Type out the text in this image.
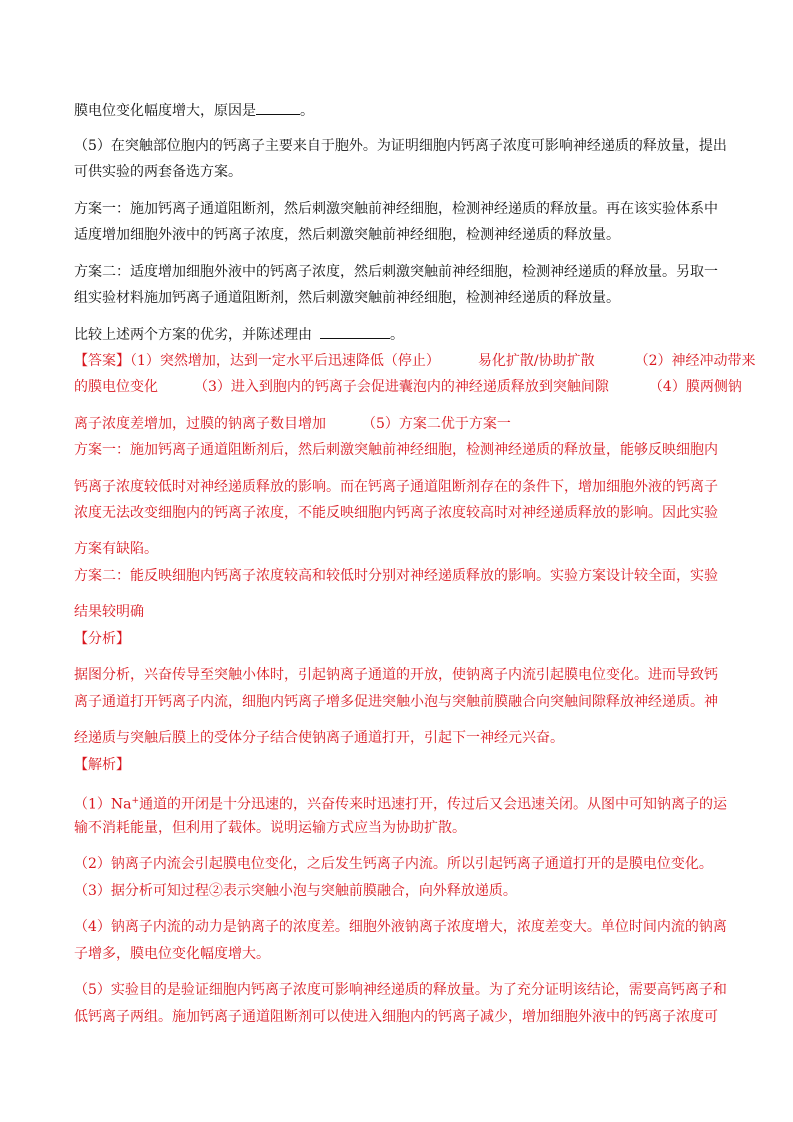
膜电位变化幅度增大，原因是	。
（5）在突触部位胞内的钙离子主要来自于胞外。为证明细胞内钙离子浓度可影响神经递质的释放量，提出
可供实验的两套备选方案。
方案一：施加钙离子通道阻断剂，然后刺激突触前神经细胞，检测神经递质的释放量。再在该实验体系中
适度增加细胞外液中的钙离子浓度，然后刺激突触前神经细胞，检测神经递质的释放量。
方案二：适度增加细胞外液中的钙离子浓度，然后刺激突触前神经细胞，检测神经递质的释放量。另取一
组实验材料施加钙离子通道阻断剂，然后刺激突触前神经细胞，检测神经递质的释放量。
比较上述两个方案的优劣，并陈述理由	。
【答案】（1）突然增加，达到一定水平后迅速降低（停止）	易化扩散/协助扩散	（2）神经冲动带来
的膜电位变化	（3）进入到胞内的钙离子会促进囊泡内的神经递质释放到突触间隙	（4）膜两侧钠
离子浓度差增加，过膜的钠离子数目增加	（5）方案二优于方案一
方案一：施加钙离子通道阻断剂后，然后刺激突触前神经细胞，检测神经递质的释放量，能够反映细胞内
钙离子浓度较低时对神经递质释放的影响。而在钙离子通道阻断剂存在的条件下，增加细胞外液的钙离子
浓度无法改变细胞内的钙离子浓度，不能反映细胞内钙离子浓度较高时对神经递质释放的影响。因此实验
方案有缺陷。
方案二：能反映细胞内钙离子浓度较高和较低时分别对神经递质释放的影响。实验方案设计较全面，实验
结果较明确
【分析】
据图分析，兴奋传导至突触小体时，引起钠离子通道的开放，使钠离子内流引起膜电位变化。进而导致钙
离子通道打开钙离子内流，细胞内钙离子增多促进突触小泡与突触前膜融合向突触间隙释放神经递质。神
经递质与突触后膜上的受体分子结合使钠离子通道打开，引起下一神经元兴奋。
【解析】
（1）Na+通道的开闭是十分迅速的，兴奋传来时迅速打开，传过后又会迅速关闭。从图中可知钠离子的运
输不消耗能量，但利用了载体。说明运输方式应当为协助扩散。
（2）钠离子内流会引起膜电位变化，之后发生钙离子内流。所以引起钙离子通道打开的是膜电位变化。
（3）据分析可知过程②表示突触小泡与突触前膜融合，向外释放递质。
（4）钠离子内流的动力是钠离子的浓度差。细胞外液钠离子浓度增大，浓度差变大。单位时间内流的钠离
子增多，膜电位变化幅度增大。
（5）实验目的是验证细胞内钙离子浓度可影响神经递质的释放量。为了充分证明该结论，需要高钙离子和
低钙离子两组。施加钙离子通道阻断剂可以使进入细胞内的钙离子减少，增加细胞外液中的钙离子浓度可
